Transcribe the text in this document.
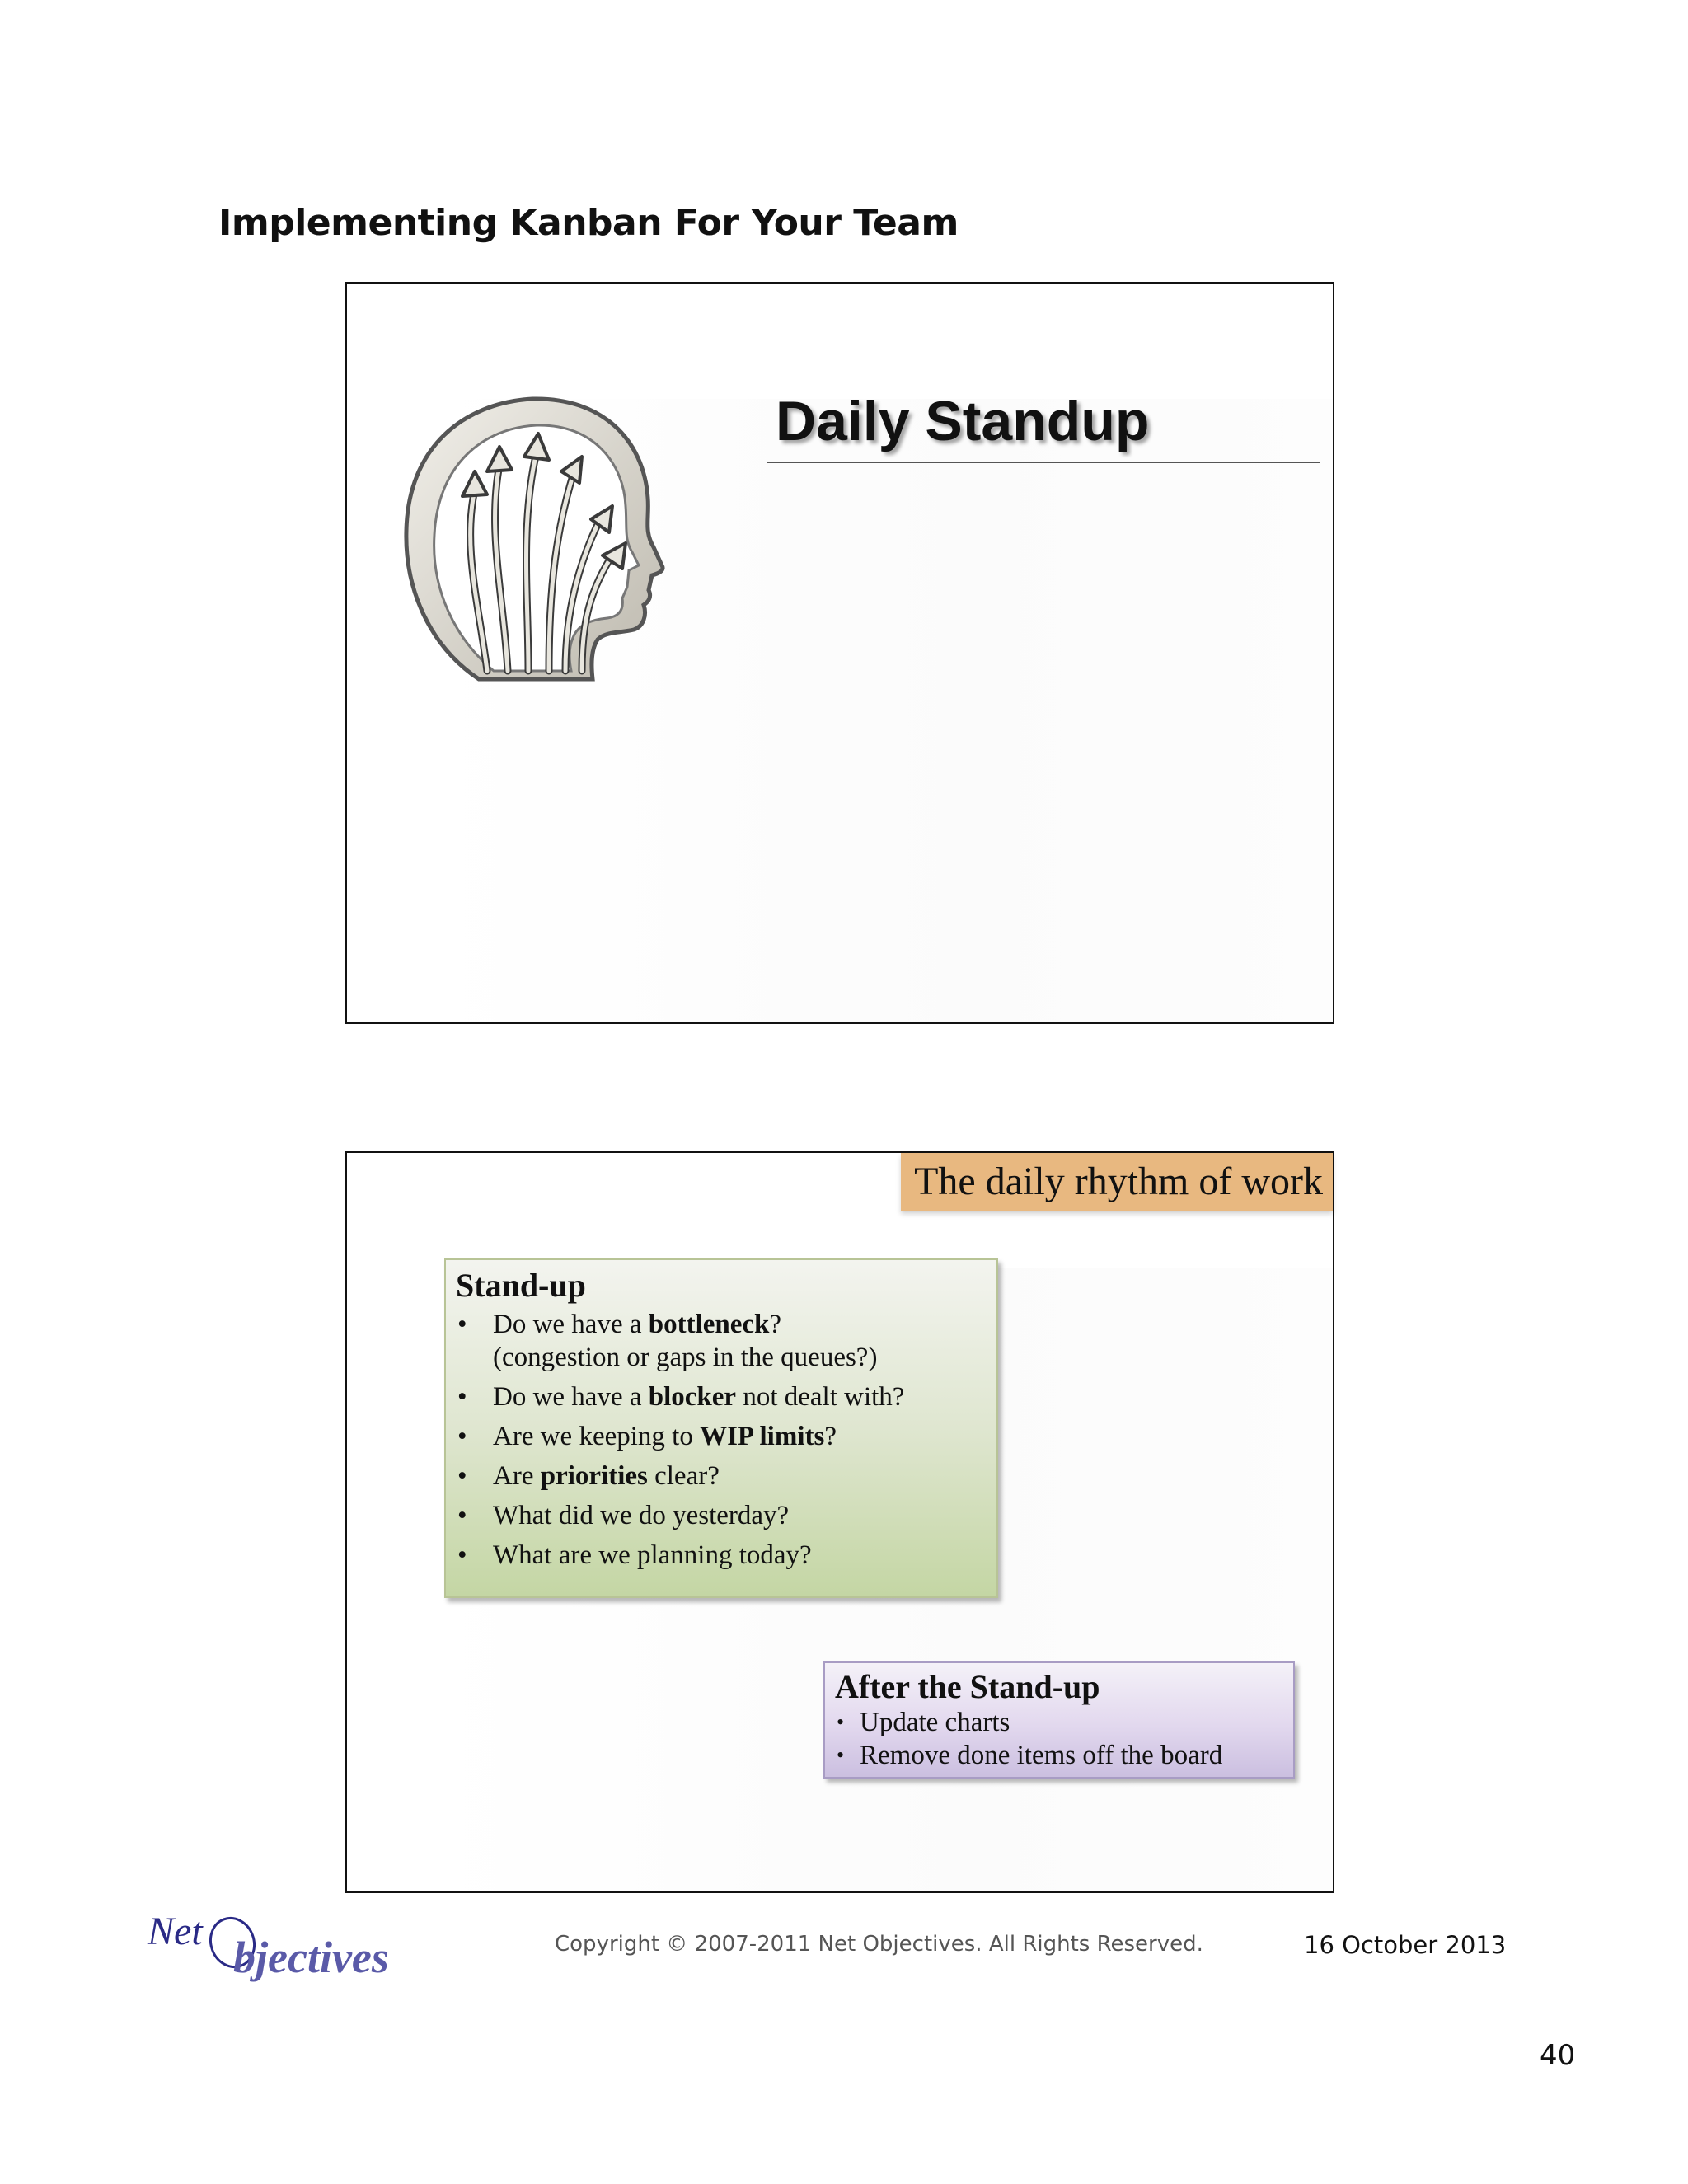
Implementing Kanban For Your Team
Daily Standup
The daily rhythm of work
Stand-up
• Do we have a bottleneck?
(congestion or gaps in the queues?)
• Do we have a blocker not dealt with?
• Are we keeping to WIP limits?
• Are priorities clear?
• What did we do yesterday?
• What are we planning today?
After the Stand-up
• Update charts
• Remove done items off the board
Net
bjectives	Copyright © 2007-2011 Net Objectives. All Rights Reserved.	16 October 2013
40
